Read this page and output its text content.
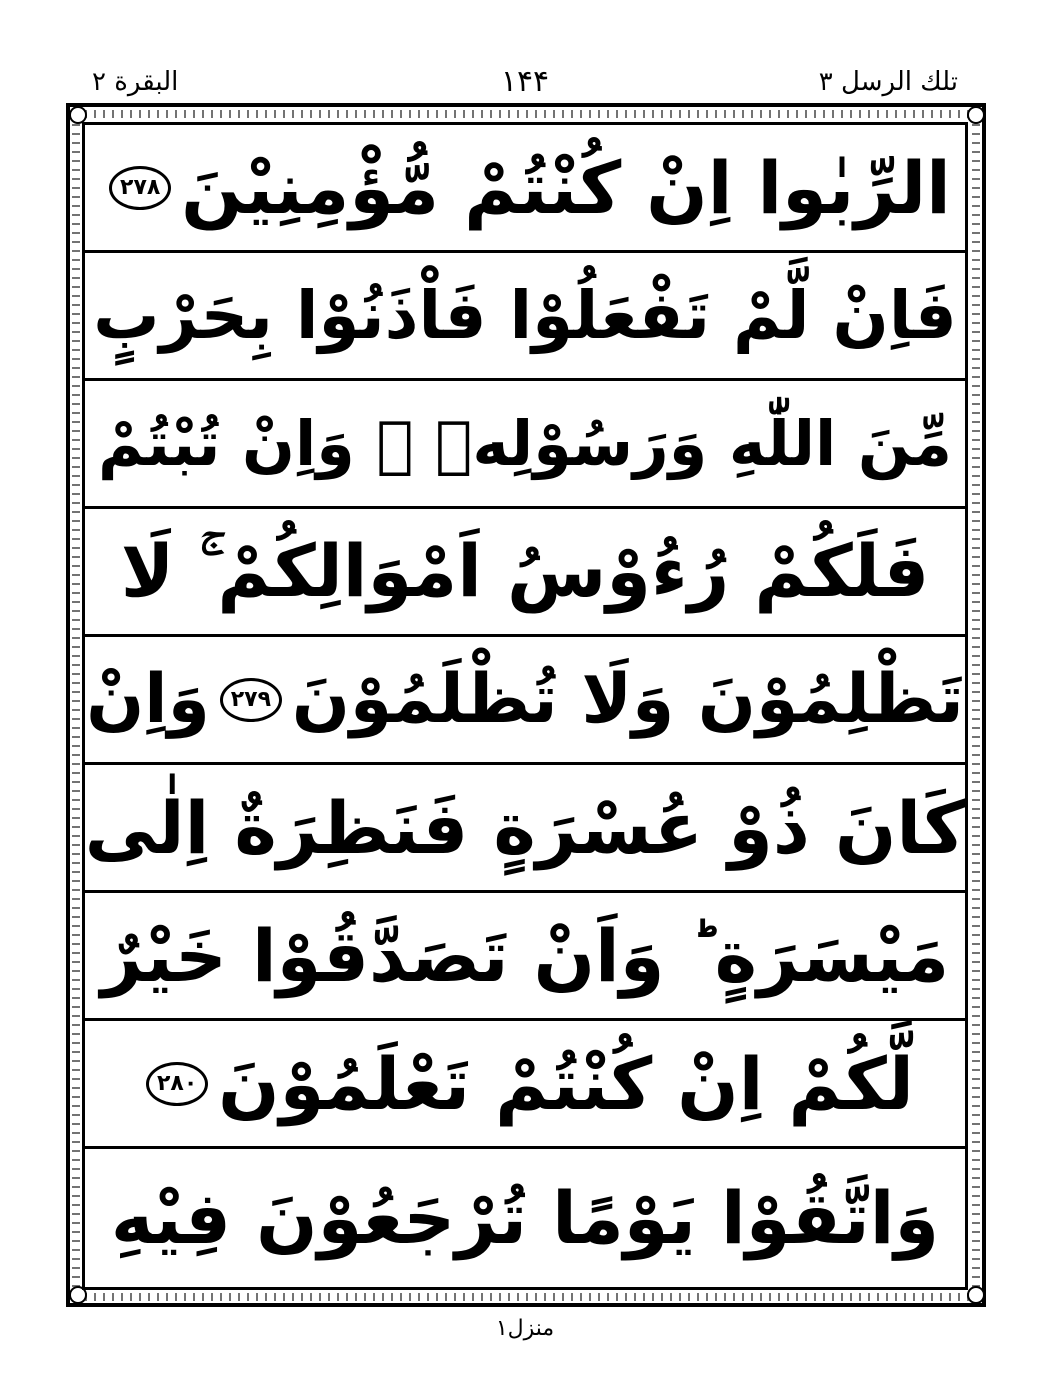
البقرة ۲	۱۴۴	تلك الرسل ۳
الرِّبٰوا اِنْ كُنْتُمْ مُّؤْمِنِيْنَ
۲۷۸
فَاِنْ لَّمْ تَفْعَلُوْا فَاْذَنُوْا بِحَرْبٍ
مِّنَ اللّٰهِ وَرَسُوْلِهٖ ۚ وَاِنْ تُبْتُمْ
فَلَكُمْ رُءُوْسُ اَمْوَالِكُمْ ۚ لَا
تَظْلِمُوْنَ وَلَا تُظْلَمُوْنَ
۲۷۹
وَاِنْ
كَانَ ذُوْ عُسْرَةٍ فَنَظِرَةٌ اِلٰى
مَيْسَرَةٍ ؕ وَاَنْ تَصَدَّقُوْا خَيْرٌ
لَّكُمْ اِنْ كُنْتُمْ تَعْلَمُوْنَ
۲۸۰
وَاتَّقُوْا يَوْمًا تُرْجَعُوْنَ فِيْهِ
منزل۱
